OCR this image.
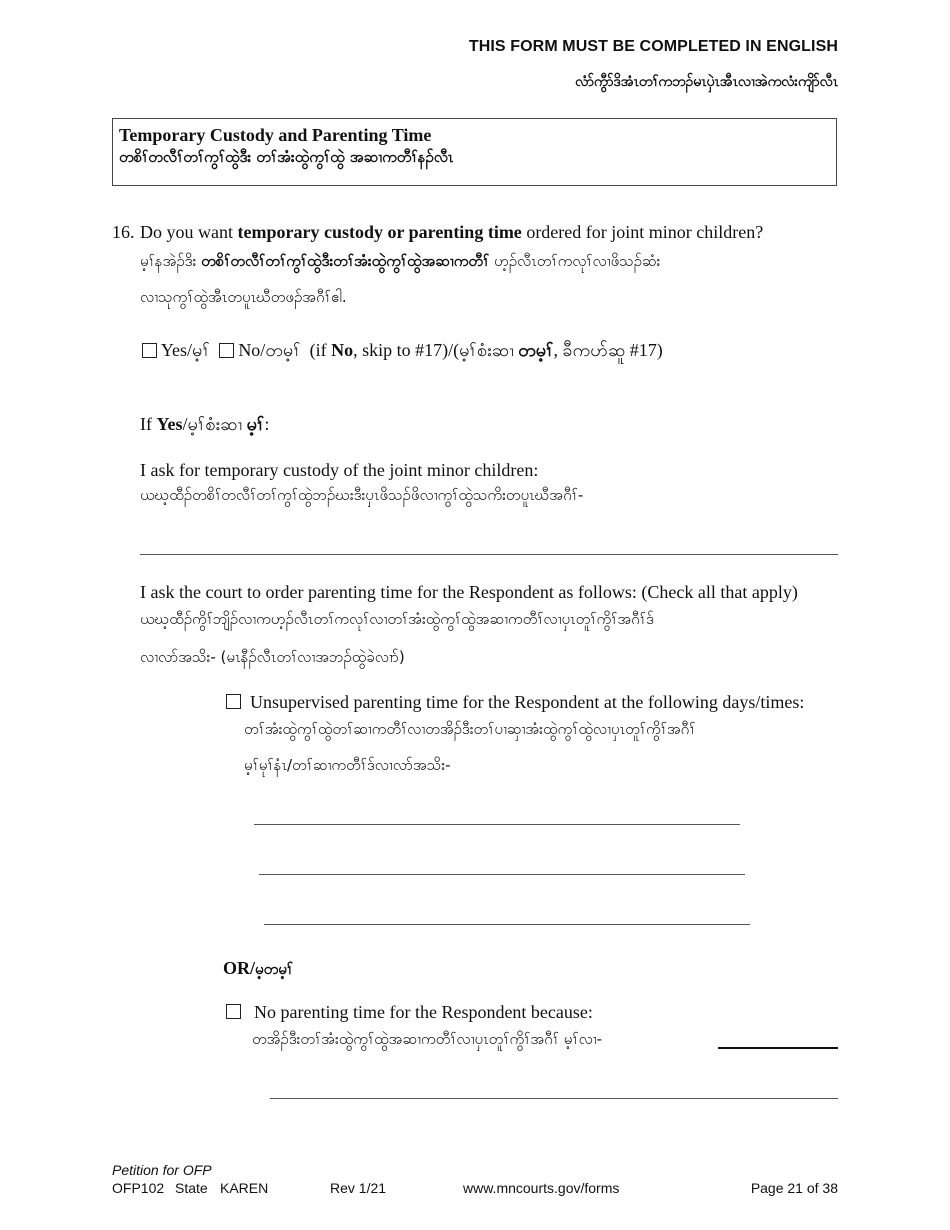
THIS FORM MUST BE COMPLETED IN ENGLISH
လံာ်ကွီာ်ဒိအံၤတၢ်ကဘၣ်မၤပှဲၤအီၤလၢအဲကလံးကျိာ်လီၤ
Temporary Custody and Parenting Time
တစိၢ်တလီၢ်တၢ်ကွၢ်ထွဲဒီး တၢ်အံးထွဲကွၢ်ထွဲ အဆၢကတီၢ်နၣ်လီၤ
16. Do you want temporary custody or parenting time ordered for joint minor children?
မ့ၢ်နအဲၣ်ဒိး တစိၢ်တလီၢ်တၢ်ကွၢ်ထွဲဒီးတၢ်အံးထွဲကွၢ်ထွဲအဆၢကတီၢ် ဟ့ၣ်လီၤတၢ်ကလုၢ်လၢဖိသၣ်ဆံး
လၢသုကွၢ်ထွဲအီၤတပူၤဃီတဖၣ်အဂီၢ်ဧါ.
Yes/မ့ၢ် No/တမ့ၢ် (if No, skip to #17)/(မ့ၢ်စံးဆၢ တမ့ၢ်, ခီကဟ်ဆူ #17)
If Yes/မ့ၢ်စံးဆၢ မ့ၢ်:
I ask for temporary custody of the joint minor children:
ယဃ့ထီၣ်တစိၢ်တလီၢ်တၢ်ကွၢ်ထွဲဘၣ်ဃးဒီးပှၤဖိသၣ်ဖိလၢကွၢ်ထွဲသကိးတပူၤဃီအဂီၢ်-
I ask the court to order parenting time for the Respondent as follows: (Check all that apply)
ယဃ့ထီၣ်ကွိၢ်ဘျိၣ်လၢကဟ့ၣ်လီၤတၢ်ကလုၢ်လၢတၢ်အံးထွဲကွၢ်ထွဲအဆၢကတီၢ်လၢပှၤတူၢ်ကွိၢ်အဂီၢ်ဒ်
လၢလာ်အသိး- (မၤနီၣ်လီၤတၢ်လၢအဘၣ်ထွဲခဲလၢာ်)
Unsupervised parenting time for the Respondent at the following days/times:
တၢ်အံးထွဲကွၢ်ထွဲတၢ်ဆၢကတီၢ်လၢတအိၣ်ဒီးတၢ်ပၢဆှၢအံးထွဲကွၢ်ထွဲလၢပှၤတူၢ်ကွိၢ်အဂီၢ်
မ့ၢ်မုၢ်နံၤ/တၢ်ဆၢကတီၢ်ဒ်လၢလာ်အသိး-
OR/မ့တမ့ၢ်
No parenting time for the Respondent because:
တအိၣ်ဒီးတၢ်အံးထွဲကွၢ်ထွဲအဆၢကတီၢ်လၢပှၤတူၢ်ကွိၢ်အဂီၢ် မ့ၢ်လၢ-
Petition for OFP
OFP102 State KAREN	Rev 1/21	www.mncourts.gov/forms	Page 21 of 38
